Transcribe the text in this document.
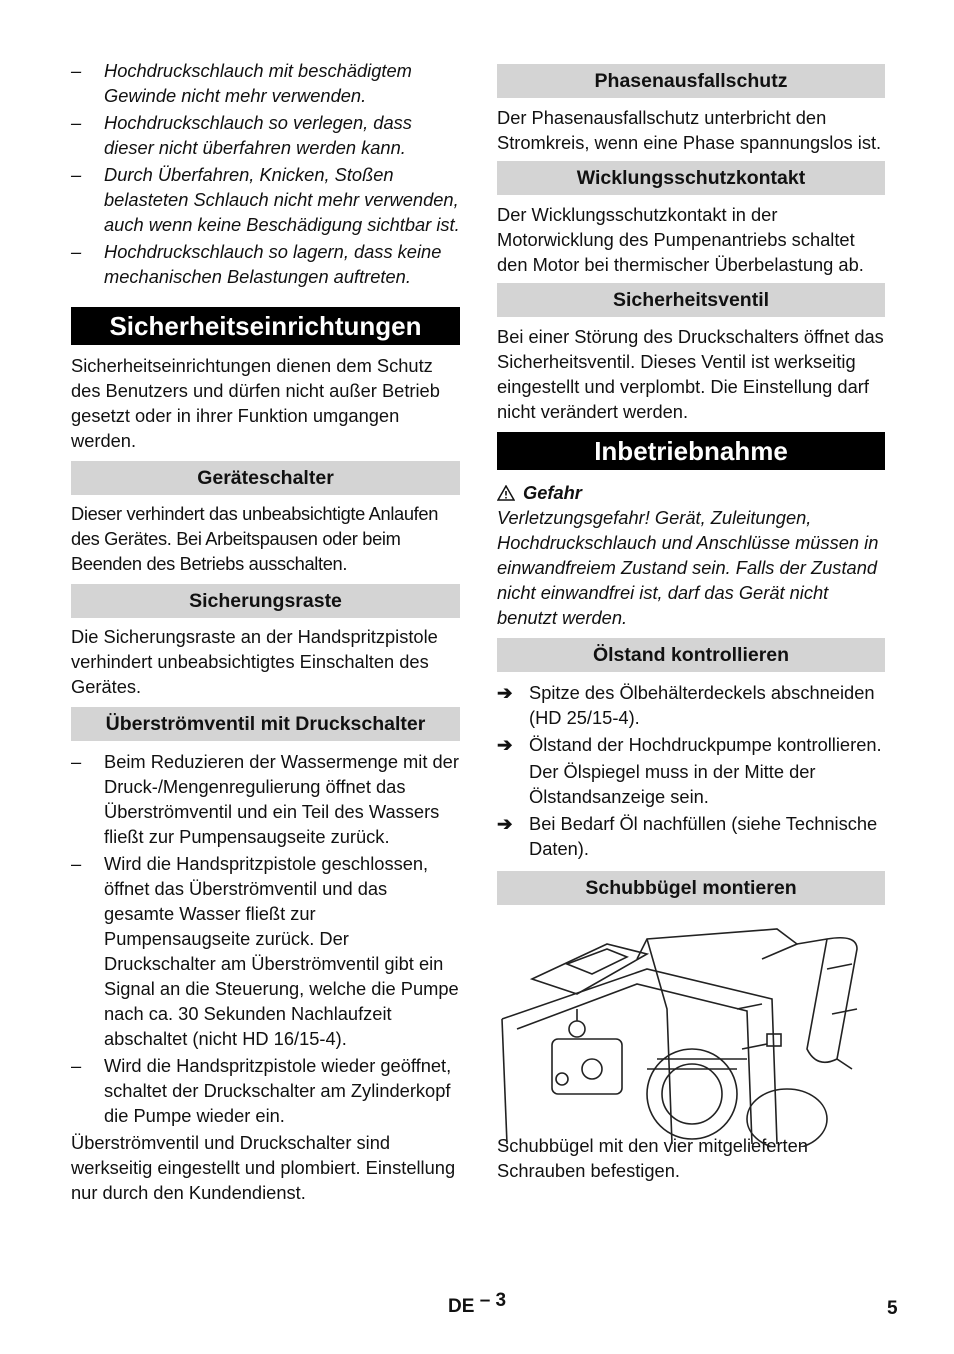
– Hochdruckschlauch mit beschädigtem Gewinde nicht mehr verwenden.
– Hochdruckschlauch so verlegen, dass dieser nicht überfahren werden kann.
– Durch Überfahren, Knicken, Stoßen belasteten Schlauch nicht mehr verwenden, auch wenn keine Beschädigung sichtbar ist.
– Hochdruckschlauch so lagern, dass keine mechanischen Belastungen auftreten.
Sicherheitseinrichtungen

Sicherheitseinrichtungen dienen dem Schutz des Benutzers und dürfen nicht außer Betrieb gesetzt oder in ihrer Funktion umgangen werden.

Geräteschalter

Dieser verhindert das unbeabsichtigte Anlaufen des Gerätes. Bei Arbeitspausen oder beim Beenden des Betriebs ausschalten.

Sicherungsraste

Die Sicherungsraste an der Handspritzpistole verhindert unbeabsichtigtes Einschalten des Gerätes.

Überströmventil mit Druckschalter
– Beim Reduzieren der Wassermenge mit der Druck-/Mengenregulierung öffnet das Überströmventil und ein Teil des Wassers fließt zur Pumpensaugseite zurück.
– Wird die Handspritzpistole geschlossen, öffnet das Überströmventil und das gesamte Wasser fließt zur Pumpensaugseite zurück. Der Druckschalter am Überströmventil gibt ein Signal an die Steuerung, welche die Pumpe nach ca. 30 Sekunden Nachlaufzeit abschaltet (nicht HD 16/15-4).
– Wird die Handspritzpistole wieder geöffnet, schaltet der Druckschalter am Zylinderkopf die Pumpe wieder ein.

Überströmventil und Druckschalter sind werkseitig eingestellt und plombiert. Einstellung nur durch den Kundendienst.

Phasenausfallschutz

Der Phasenausfallschutz unterbricht den Stromkreis, wenn eine Phase spannungslos ist.

Wicklungsschutzkontakt

Der Wicklungsschutzkontakt in der Motorwicklung des Pumpenantriebs schaltet den Motor bei thermischer Überbelastung ab.

Sicherheitsventil

Bei einer Störung des Druckschalters öffnet das Sicherheitsventil. Dieses Ventil ist werkseitig eingestellt und verplombt. Die Einstellung darf nicht verändert werden.

Inbetriebnahme
Gefahr

Verletzungsgefahr! Gerät, Zuleitungen, Hochdruckschlauch und Anschlüsse müssen in einwandfreiem Zustand sein. Falls der Zustand nicht einwandfrei ist, darf das Gerät nicht benutzt werden.

Ölstand kontrollieren
➔ Spitze des Ölbehälterdeckels abschneiden (HD 25/15-4).
➔ Ölstand der Hochdruckpumpe kontrollieren.
Der Ölspiegel muss in der Mitte der Ölstandsanzeige sein.
➔ Bei Bedarf Öl nachfüllen (siehe Technische Daten).
Schubbügel montieren

Schubbügel mit den vier mitgelieferten Schrauben befestigen.

DE – 3	5
